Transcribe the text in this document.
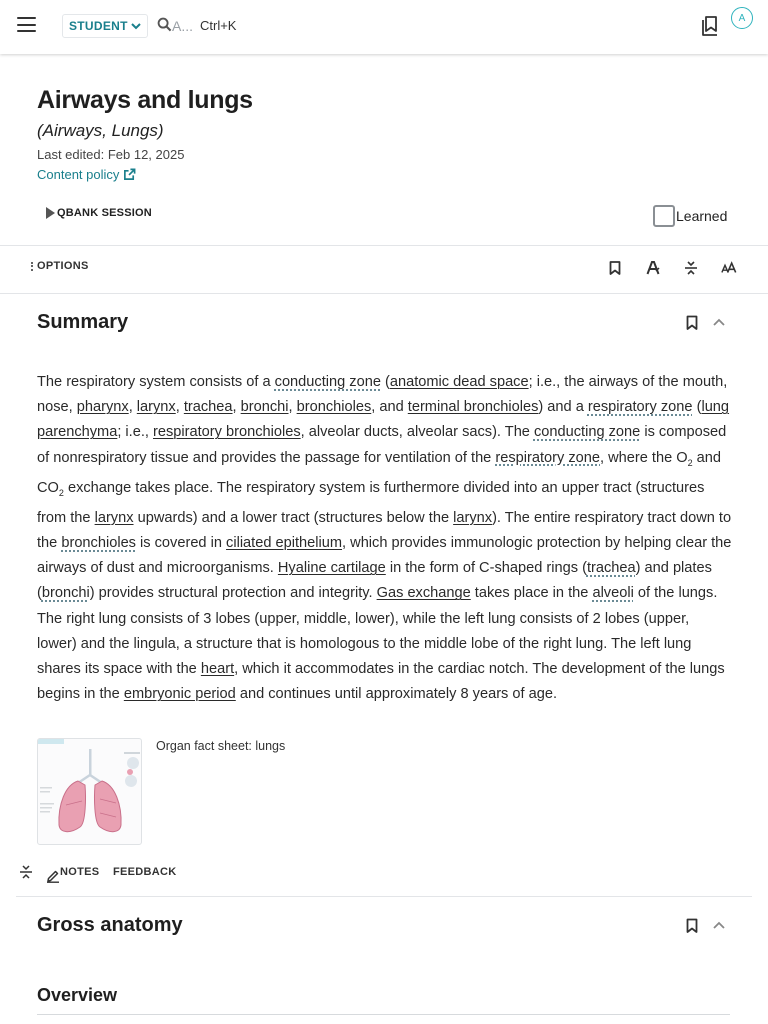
STUDENT	A... Ctrl+K	A
Airways and lungs
(Airways, Lungs)
Last edited: Feb 12, 2025
Content policy
QBANK SESSION	Learned
OPTIONS
Summary
The respiratory system consists of a conducting zone (anatomic dead space; i.e., the airways of the mouth, nose, pharynx, larynx, trachea, bronchi, bronchioles, and terminal bronchioles) and a respiratory zone (lung parenchyma; i.e., respiratory bronchioles, alveolar ducts, alveolar sacs). The conducting zone is composed of nonrespiratory tissue and provides the passage for ventilation of the respiratory zone, where the $O_2$ and $CO_2$ exchange takes place. The respiratory system is furthermore divided into an upper tract (structures from the larynx upwards) and a lower tract (structures below the larynx). The entire respiratory tract down to the bronchioles is covered in ciliated epithelium, which provides immunologic protection by helping clear the airways of dust and microorganisms. Hyaline cartilage in the form of C-shaped rings (trachea) and plates (bronchi) provides structural protection and integrity. Gas exchange takes place in the alveoli of the lungs. The right lung consists of 3 lobes (upper, middle, lower), while the left lung consists of 2 lobes (upper, lower) and the lingula, a structure that is homologous to the middle lobe of the right lung. The left lung shares its space with the heart, which it accommodates in the cardiac notch. The development of the lungs begins in the embryonic period and continues until approximately 8 years of age.
Organ fact sheet: lungs
NOTES FEEDBACK
Gross anatomy
Overview
